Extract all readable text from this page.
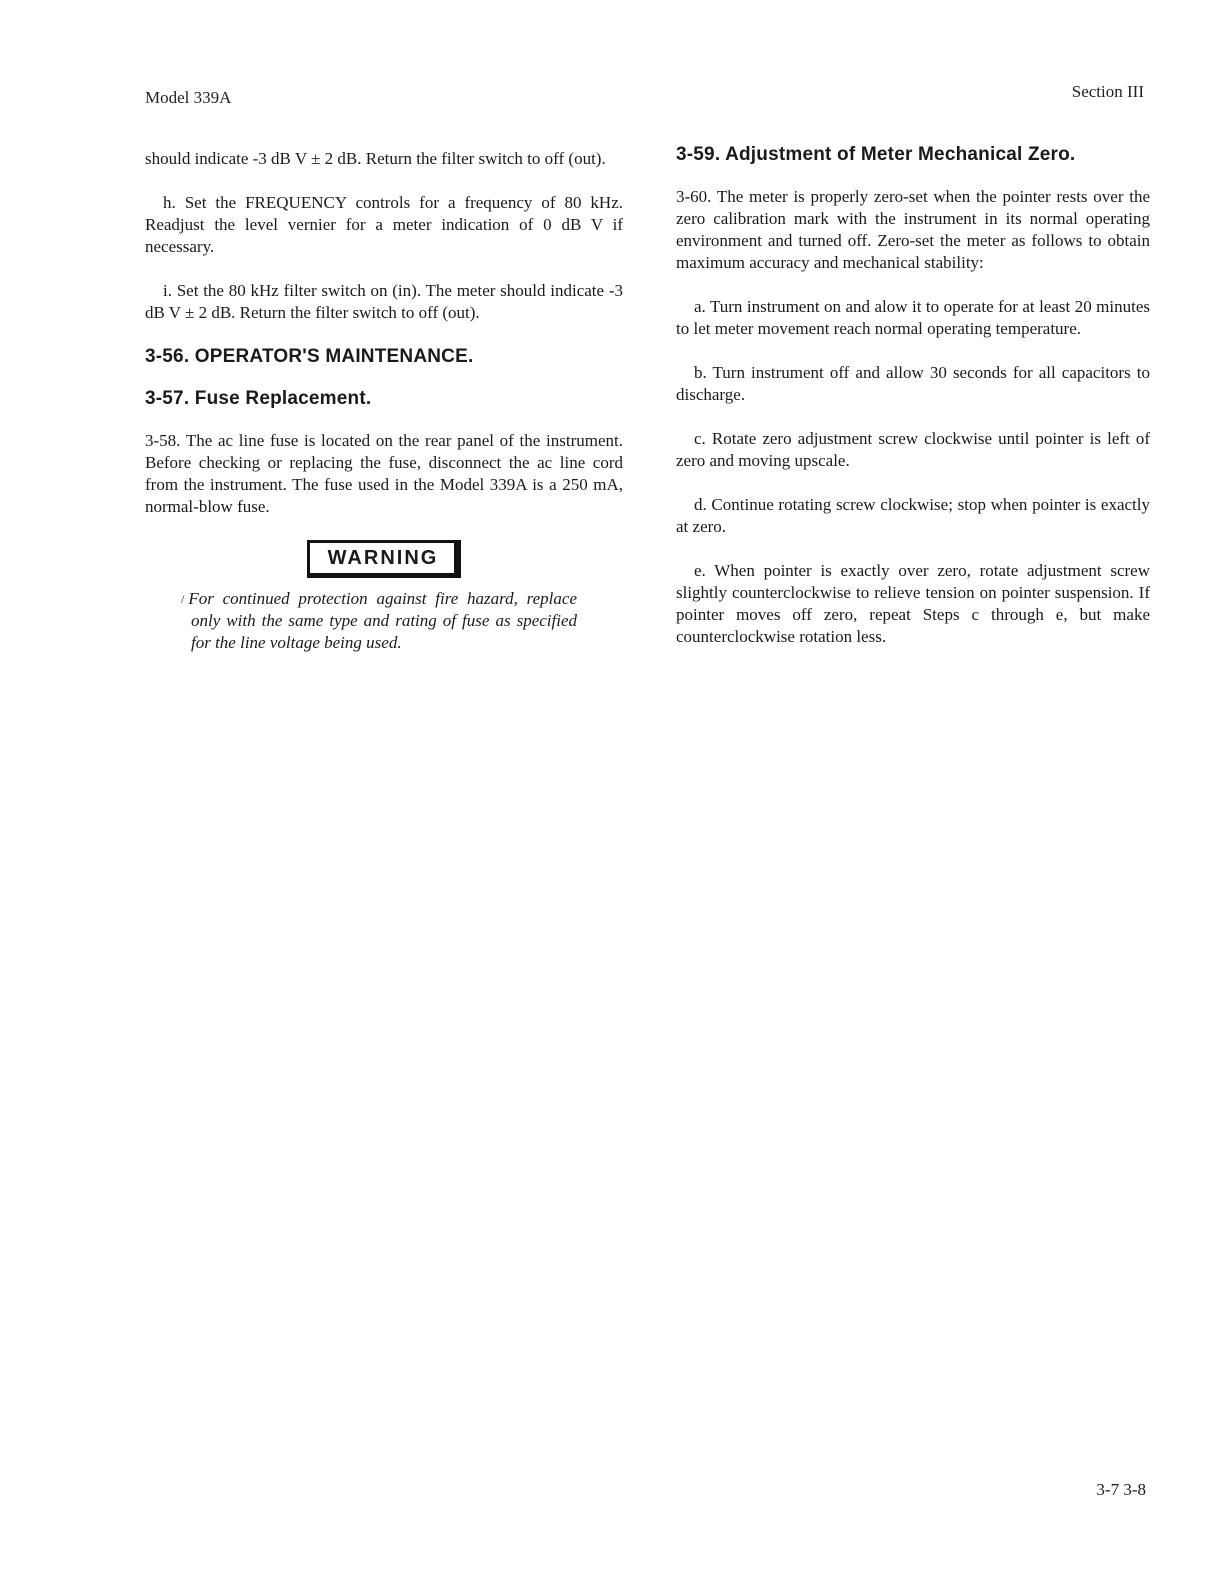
Model 339A	Section III

should indicate -3 dB V ± 2 dB. Return the filter switch to off (out).

h. Set the FREQUENCY controls for a frequency of 80 kHz. Readjust the level vernier for a meter indication of 0 dB V if necessary.

i. Set the 80 kHz filter switch on (in). The meter should indicate -3 dB V ± 2 dB. Return the filter switch to off (out).

3-56. OPERATOR'S MAINTENANCE.
3-57. Fuse Replacement.

3-58. The ac line fuse is located on the rear panel of the instrument. Before checking or replacing the fuse, disconnect the ac line cord from the instrument. The fuse used in the Model 339A is a 250 mA, normal-blow fuse.

WARNING
/ For continued protection against fire hazard, replace only with the same type and rating of fuse as specified for the line voltage being used.
3-59. Adjustment of Meter Mechanical Zero.

3-60. The meter is properly zero-set when the pointer rests over the zero calibration mark with the instrument in its normal operating environment and turned off. Zero-set the meter as follows to obtain maximum accuracy and mechanical stability:

a. Turn instrument on and alow it to operate for at least 20 minutes to let meter movement reach normal operating temperature.

b. Turn instrument off and allow 30 seconds for all capacitors to discharge.

c. Rotate zero adjustment screw clockwise until pointer is left of zero and moving upscale.

d. Continue rotating screw clockwise; stop when pointer is exactly at zero.

e. When pointer is exactly over zero, rotate adjustment screw slightly counterclockwise to relieve tension on pointer suspension. If pointer moves off zero, repeat Steps c through e, but make counterclockwise rotation less.

3-7 3-8
